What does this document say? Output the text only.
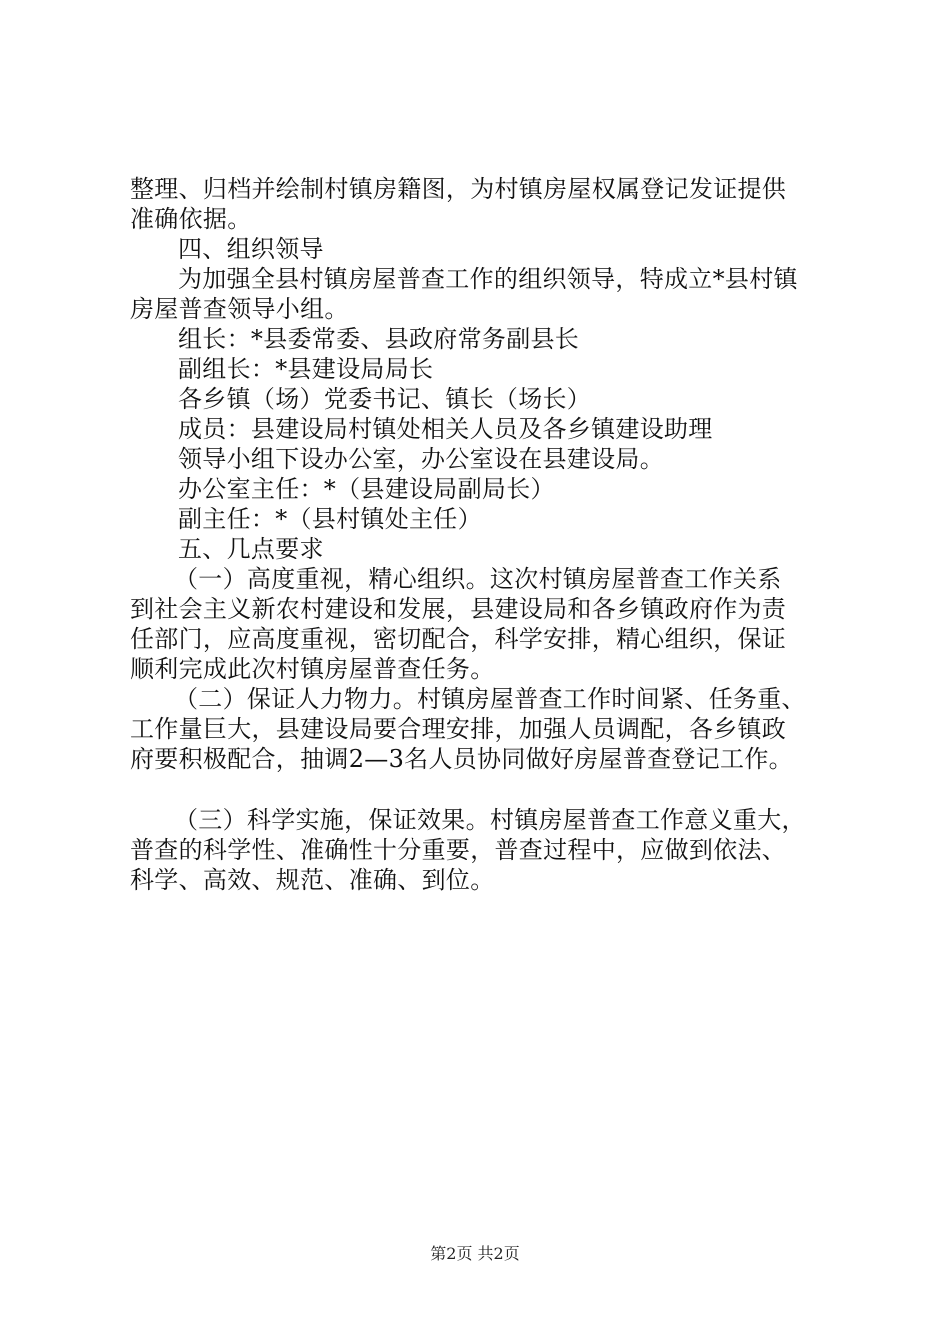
整理、归档并绘制村镇房籍图，为村镇房屋权属登记发证提供
准确依据。
四、组织领导
为加强全县村镇房屋普查工作的组织领导，特成立*县村镇
房屋普查领导小组。
组长：*县委常委、县政府常务副县长
副组长：*县建设局局长
各乡镇（场）党委书记、镇长（场长）
成员：县建设局村镇处相关人员及各乡镇建设助理
领导小组下设办公室，办公室设在县建设局。
办公室主任：*（县建设局副局长）
副主任：*（县村镇处主任）
五、几点要求
（一）高度重视，精心组织。这次村镇房屋普查工作关系
到社会主义新农村建设和发展，县建设局和各乡镇政府作为责
任部门，应高度重视，密切配合，科学安排，精心组织，保证
顺利完成此次村镇房屋普查任务。
（二）保证人力物力。村镇房屋普查工作时间紧、任务重、
工作量巨大，县建设局要合理安排，加强人员调配，各乡镇政
府要积极配合，抽调2—3名人员协同做好房屋普查登记工作。
（三）科学实施，保证效果。村镇房屋普查工作意义重大，
普查的科学性、准确性十分重要，普查过程中，应做到依法、
科学、高效、规范、准确、到位。
第2页 共2页
